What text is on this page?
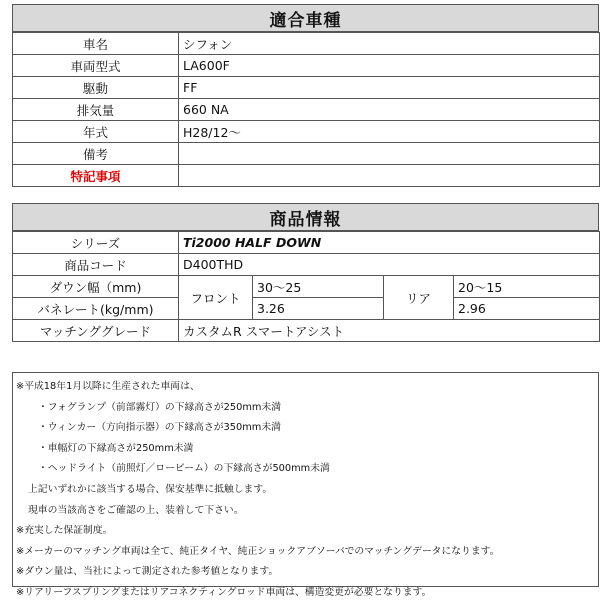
適合車種
車名	シフォン
車両型式	LA600F
駆動	FF
排気量	660 NA
年式	H28/12～
備考	
特記事項	
商品情報
シリーズ	Ti2000 HALF DOWN			
商品コード	D400THD			
ダウン幅（mm)	フロント	30～25	リア	20～15
バネレート(kg/mm)		3.26		2.96
マッチンググレード	カスタムR スマートアシスト			
※平成18年1月以降に生産された車両は、
・フォグランプ（前部霧灯）の下縁高さが250mm未満
・ウィンカー（方向指示器）の下縁高さが350mm未満
・車幅灯の下縁高さが250mm未満
・ヘッドライト（前照灯／ロービーム）の下縁高さが500mm未満
上記いずれかに該当する場合、保安基準に抵触します。
現車の当該高さをご確認の上、装着して下さい。
※充実した保証制度。
※メーカーのマッチング車両は全て、純正タイヤ、純正ショックアブソーバでのマッチングデータになります。
※ダウン量は、当社によって測定された参考値となります。
※リアリーフスプリングまたはリアコネクティングロッド車両は、構造変更が必要となります。
